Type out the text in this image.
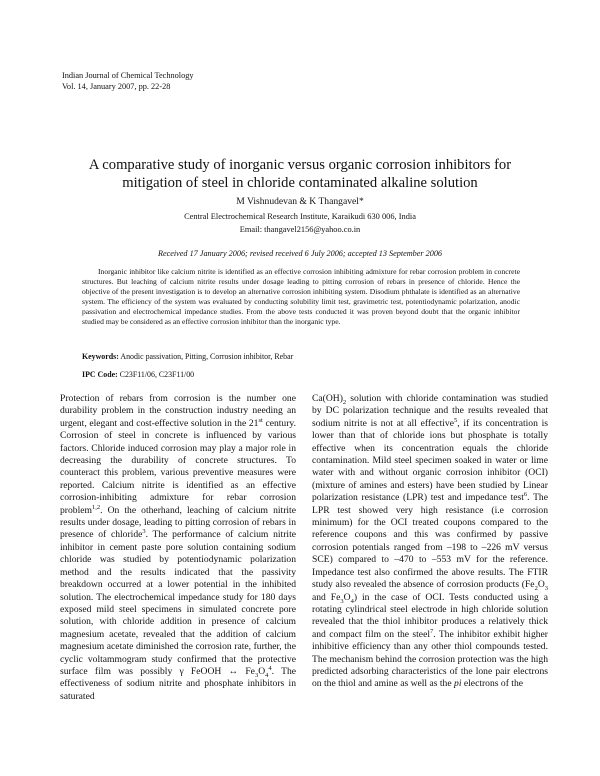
Indian Journal of Chemical Technology
Vol. 14, January 2007, pp. 22-28
A comparative study of inorganic versus organic corrosion inhibitors for
mitigation of steel in chloride contaminated alkaline solution
M Vishnudevan & K Thangavel*
Central Electrochemical Research Institute, Karaikudi 630 006, India
Email: thangavel2156@yahoo.co.in
Received 17 January 2006; revised received 6 July 2006; accepted 13 September 2006

Inorganic inhibitor like calcium nitrite is identified as an effective corrosion inhibiting admixture for rebar corrosion problem in concrete structures. But leaching of calcium nitrite results under dosage leading to pitting corrosion of rebars in presence of chloride. Hence the objective of the present investigation is to develop an alternative corrosion inhibiting system. Disodium phthalate is identified as an alternative system. The efficiency of the system was evaluated by conducting solubility limit test, gravimetric test, potentiodynamic polarization, anodic passivation and electrochemical impedance studies. From the above tests conducted it was proven beyond doubt that the organic inhibitor studied may be considered as an effective corrosion inhibitor than the inorganic type.

Keywords: Anodic passivation, Pitting, Corrosion inhibitor, Rebar
IPC Code: C23F11/06, C23F11/00

Protection of rebars from corrosion is the number one durability problem in the construction industry needing an urgent, elegant and cost-effective solution in the 21st century. Corrosion of steel in concrete is influenced by various factors. Chloride induced corrosion may play a major role in decreasing the durability of concrete structures. To counteract this problem, various preventive measures were reported. Calcium nitrite is identified as an effective corrosion-inhibiting admixture for rebar corrosion problem$^{1,2}$. On the otherhand, leaching of calcium nitrite results under dosage, leading to pitting corrosion of rebars in presence of chloride$^3$. The performance of calcium nitrite inhibitor in cement paste pore solution containing sodium chloride was studied by potentiodynamic polarization method and the results indicated that the passivity breakdown occurred at a lower potential in the inhibited solution. The electrochemical impedance study for 180 days exposed mild steel specimens in simulated concrete pore solution, with chloride addition in presence of calcium magnesium acetate, revealed that the addition of calcium magnesium acetate diminished the corrosion rate, further, the cyclic voltammogram study confirmed that the protective surface film was possibly γ FeOOH ↔ $Fe_3O_4^4$. The effectiveness of sodium nitrite and phosphate inhibitors in saturated

$Ca(OH)_2$ solution with chloride contamination was studied by DC polarization technique and the results revealed that sodium nitrite is not at all effective$^5$, if its concentration is lower than that of chloride ions but phosphate is totally effective when its concentration equals the chloride contamination. Mild steel specimen soaked in water or lime water with and without organic corrosion inhibitor (OCI) (mixture of amines and esters) have been studied by Linear polarization resistance (LPR) test and impedance test$^6$. The LPR test showed very high resistance (i.e corrosion minimum) for the OCI treated coupons compared to the reference coupons and this was confirmed by passive corrosion potentials ranged from –198 to –226 mV versus SCE) compared to –470 to –553 mV for the reference. Impedance test also confirmed the above results. The FTIR study also revealed the absence of corrosion products ($Fe_2O_3$ and $Fe_3O_4$) in the case of OCI. Tests conducted using a rotating cylindrical steel electrode in high chloride solution revealed that the thiol inhibitor produces a relatively thick and compact film on the steel$^7$. The inhibitor exhibit higher inhibitive efficiency than any other thiol compounds tested. The mechanism behind the corrosion protection was the high predicted adsorbing characteristics of the lone pair electrons on the thiol and amine as well as the pi electrons of the
